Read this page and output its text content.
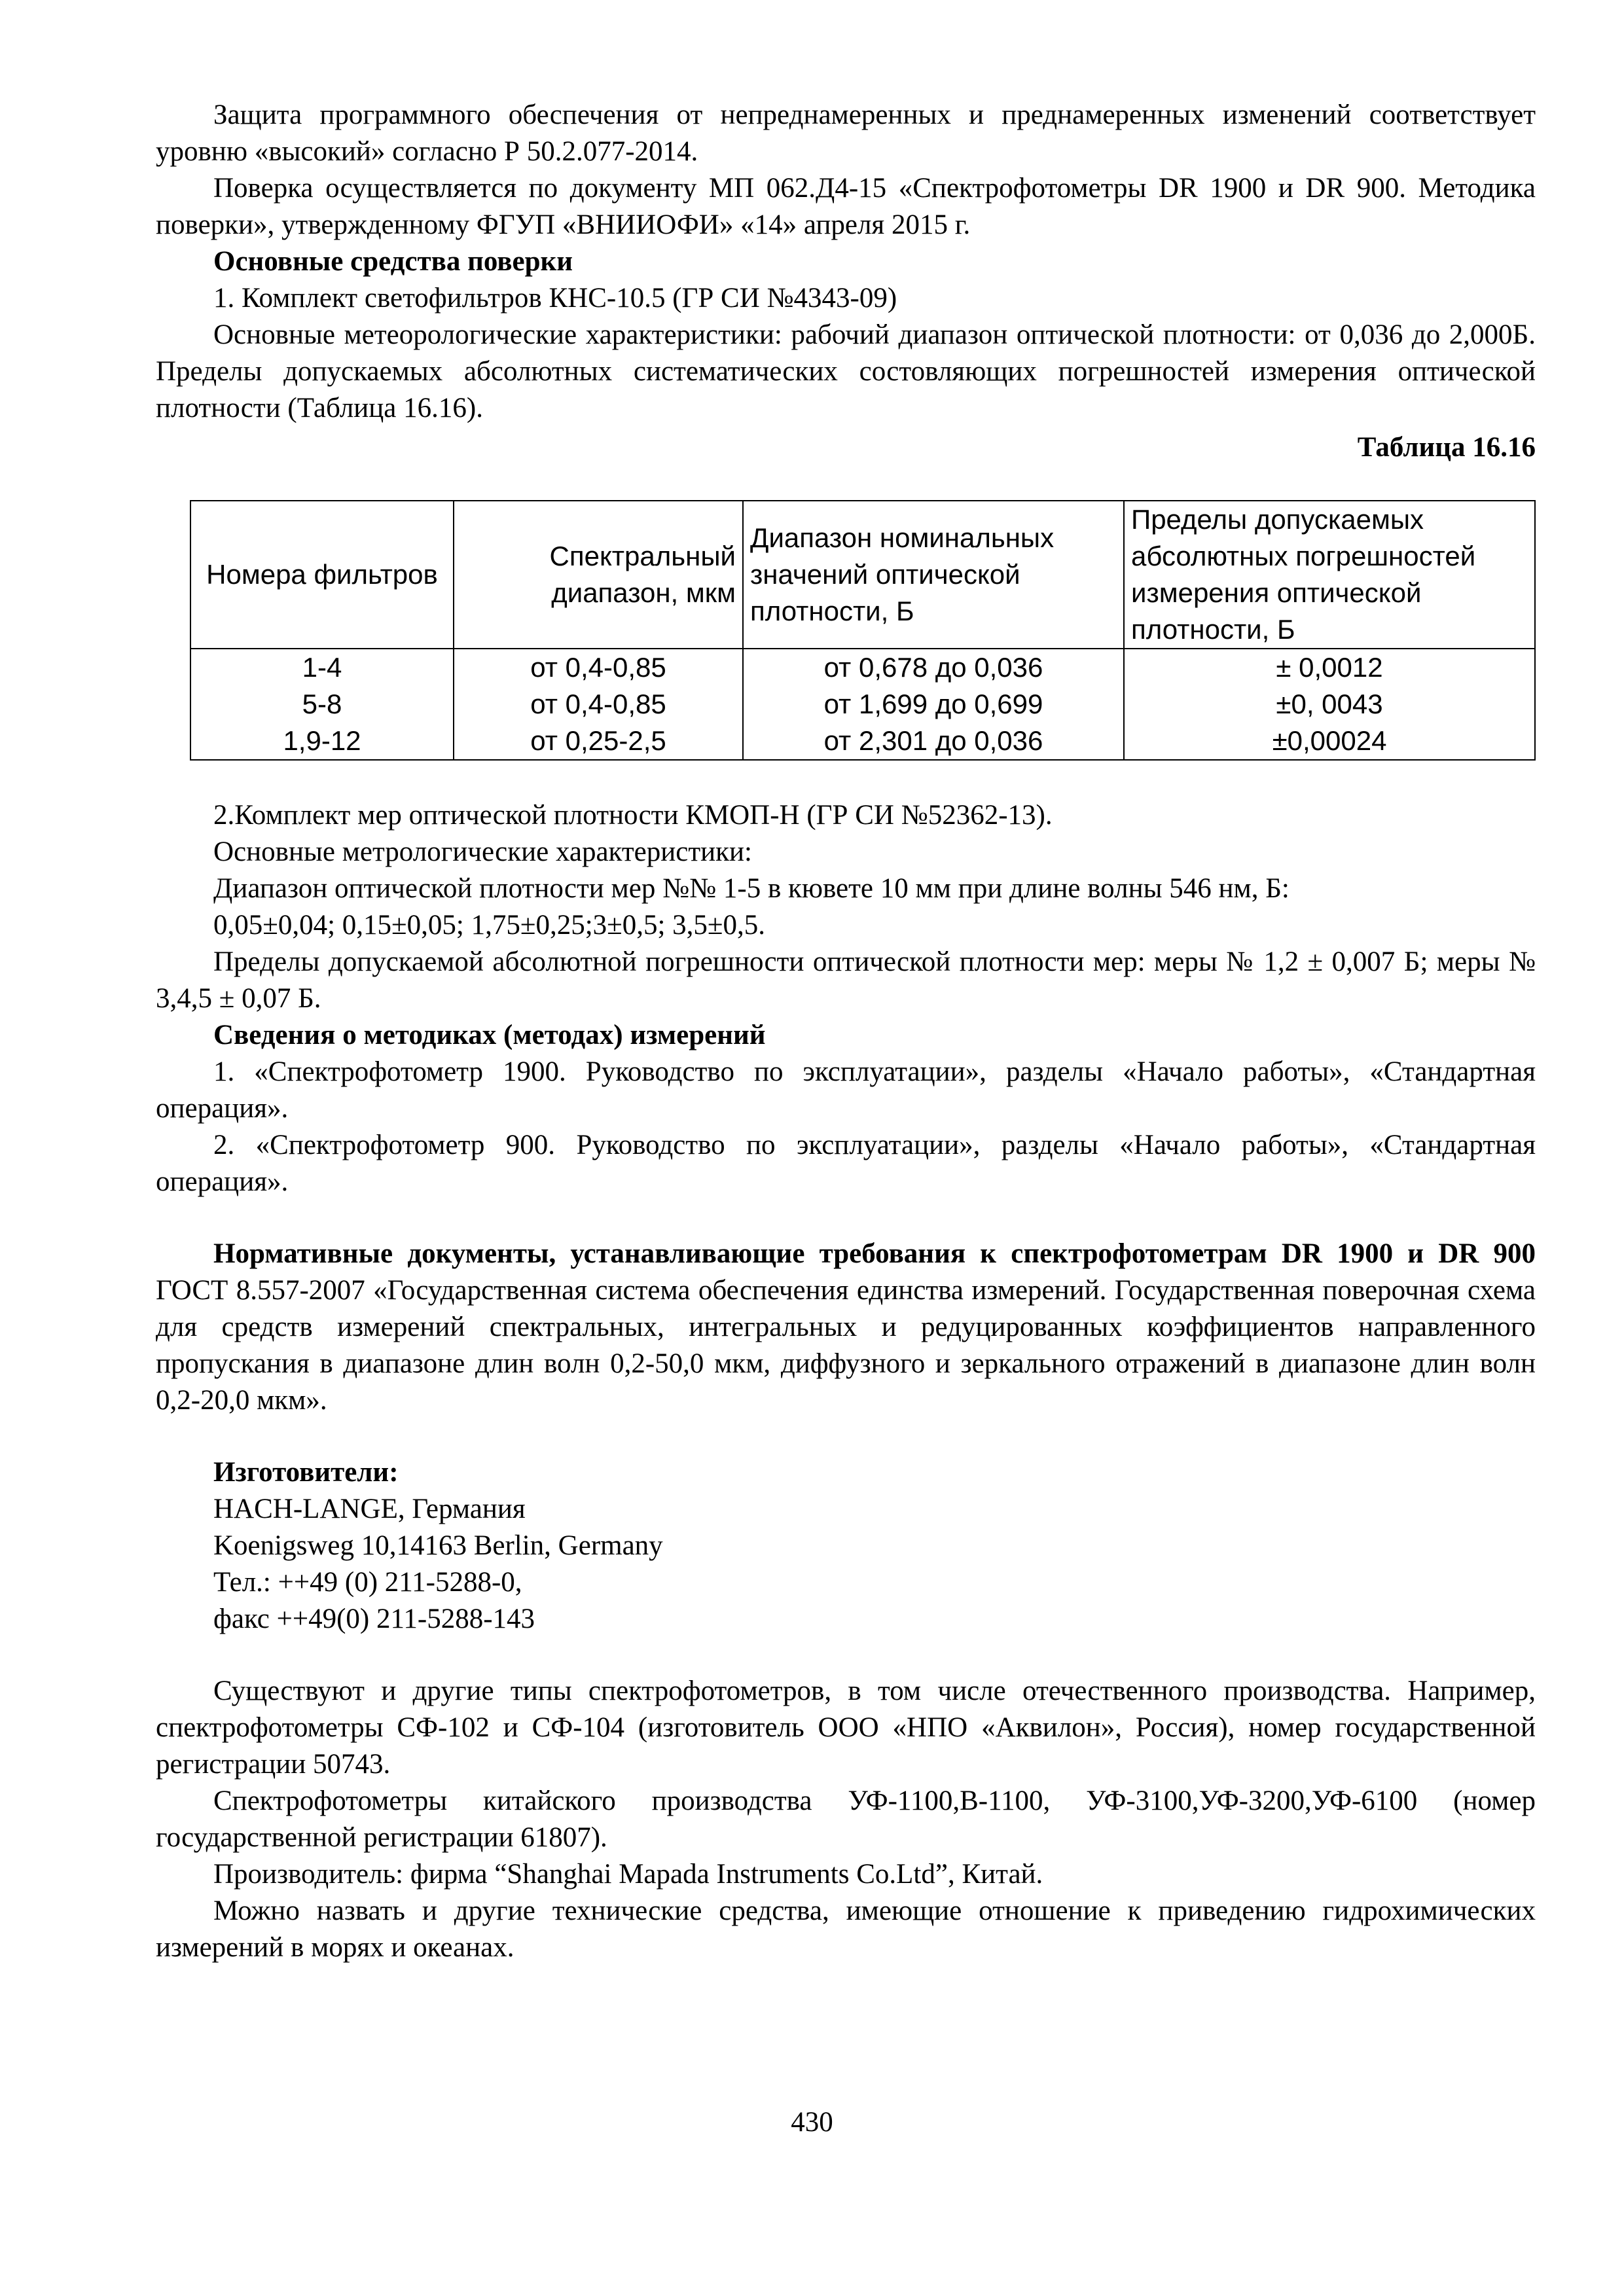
Защита программного обеспечения от непреднамеренных и преднамеренных изменений соответствует уровню «высокий» согласно Р 50.2.077-2014.

Поверка осуществляется по документу МП 062.Д4-15 «Спектрофотометры DR 1900 и DR 900. Методика поверки», утвержденному ФГУП «ВНИИОФИ» «14» апреля 2015 г.

Основные средства поверки

1. Комплект светофильтров КНС-10.5 (ГР СИ №4343-09)

Основные метеорологические характеристики: рабочий диапазон оптической плотности: от 0,036 до 2,000Б. Пределы допускаемых абсолютных систематических состовляющих погрешностей измерения оптической плотности (Таблица 16.16).

Таблица 16.16

Номера фильтров	Спектральный диапазон, мкм	Диапазон номинальных значений оптической плотности, Б	Пределы допускаемых абсолютных погрешностей измерения оптической плотности, Б
1-4	от 0,4-0,85	от 0,678 до 0,036	± 0,0012
5-8	от 0,4-0,85	от 1,699 до 0,699	±0, 0043
1,9-12	от 0,25-2,5	от 2,301 до 0,036	±0,00024

2.Комплект мер оптической плотности КМОП-Н (ГР СИ №52362-13).

Основные метрологические характеристики:

Диапазон оптической плотности мер №№ 1-5 в кювете 10 мм при длине волны 546 нм, Б:

0,05±0,04; 0,15±0,05; 1,75±0,25;3±0,5; 3,5±0,5.

Пределы допускаемой абсолютной погрешности оптической плотности мер: меры № 1,2 ± 0,007 Б; меры № 3,4,5 ± 0,07 Б.

Сведения о методиках (методах) измерений

1. «Спектрофотометр 1900. Руководство по эксплуатации», разделы «Начало работы», «Стандартная операция».

2. «Спектрофотометр 900. Руководство по эксплуатации», разделы «Начало работы», «Стандартная операция».

Нормативные документы, устанавливающие требования к спектрофотометрам DR 1900 и DR 900 ГОСТ 8.557-2007 «Государственная система обеспечения единства измерений. Государственная поверочная схема для средств измерений спектральных, интегральных и редуцированных коэффициентов направленного пропускания в диапазоне длин волн 0,2-50,0 мкм, диффузного и зеркального отражений в диапазоне длин волн 0,2-20,0 мкм».

Изготовители:

HACH-LANGE, Германия

Koenigsweg 10,14163 Berlin, Germany

Тел.: ++49 (0) 211-5288-0,

факс ++49(0) 211-5288-143

Существуют и другие типы спектрофотометров, в том числе отечественного производства. Например, спектрофотометры СФ-102 и СФ-104 (изготовитель ООО «НПО «Аквилон», Россия), номер государственной регистрации 50743.

Спектрофотометры китайского производства УФ-1100,В-1100, УФ-3100,УФ-3200,УФ-6100 (номер государственной регистрации 61807).

Производитель: фирма “Shanghai Mapada Instruments Co.Ltd”, Китай.

Можно назвать и другие технические средства, имеющие отношение к приведению гидрохимических измерений в морях и океанах.

430
